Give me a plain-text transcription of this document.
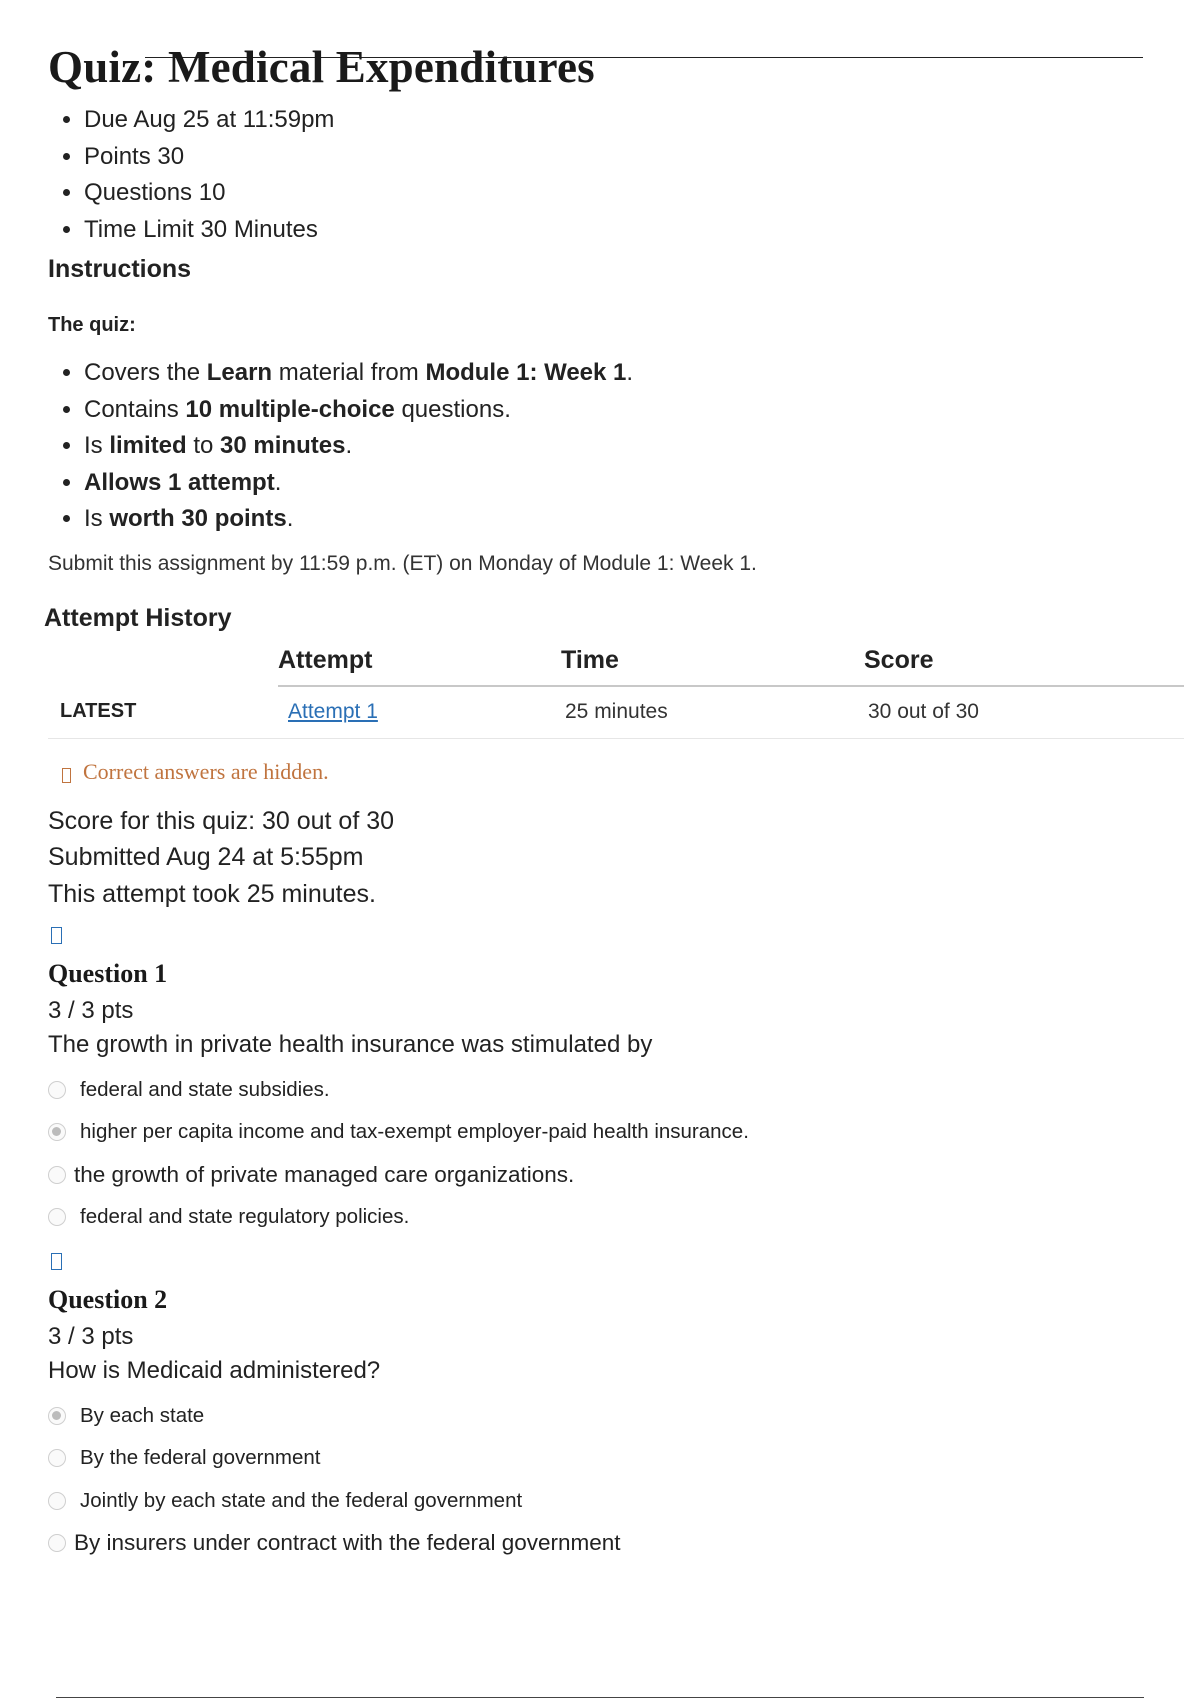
Quiz: Medical Expenditures
• Due Aug 25 at 11:59pm
• Points 30
• Questions 10
• Time Limit 30 Minutes
Instructions
The quiz:
• Covers the Learn material from Module 1: Week 1.
• Contains 10 multiple-choice questions.
• Is limited to 30 minutes.
• Allows 1 attempt.
• Is worth 30 points.
Submit this assignment by 11:59 p.m. (ET) on Monday of Module 1: Week 1.
Attempt History
	Attempt	Time	Score
LATEST	Attempt 1	25 minutes	30 out of 30
Correct answers are hidden.
Score for this quiz: 30 out of 30
Submitted Aug 24 at 5:55pm
This attempt took 25 minutes.
Question 1
3 / 3 pts
The growth in private health insurance was stimulated by
federal and state subsidies.
higher per capita income and tax-exempt employer-paid health insurance.
the growth of private managed care organizations.
federal and state regulatory policies.
Question 2
3 / 3 pts
How is Medicaid administered?
By each state
By the federal government
Jointly by each state and the federal government
By insurers under contract with the federal government
